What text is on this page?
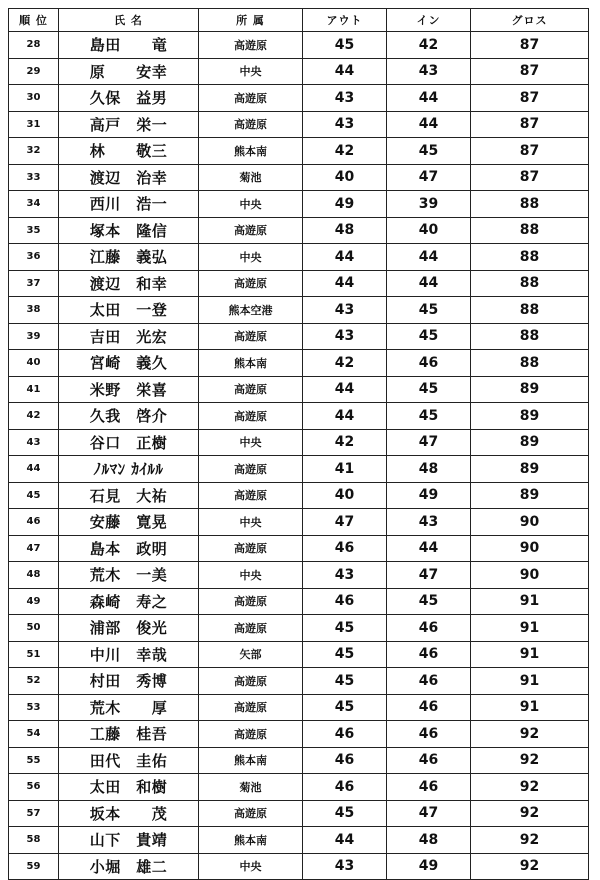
順 位	氏 名	所 属	アウト	イン	グロス
28	島田　　竜	高遊原	45	42	87
29	原　　安幸	中央	44	43	87
30	久保　益男	高遊原	43	44	87
31	高戸　栄一	高遊原	43	44	87
32	林　　敬三	熊本南	42	45	87
33	渡辺　治幸	菊池	40	47	87
34	西川　浩一	中央	49	39	88
35	塚本　隆信	高遊原	48	40	88
36	江藤　義弘	中央	44	44	88
37	渡辺　和幸	高遊原	44	44	88
38	太田　一登	熊本空港	43	45	88
39	吉田　光宏	高遊原	43	45	88
40	宮崎　義久	熊本南	42	46	88
41	米野　栄喜	高遊原	44	45	89
42	久我　啓介	高遊原	44	45	89
43	谷口　正樹	中央	42	47	89
44	ﾉﾙﾏﾝ ｶｲﾙﾙ	高遊原	41	48	89
45	石見　大祐	高遊原	40	49	89
46	安藤　寛晃	中央	47	43	90
47	島本　政明	高遊原	46	44	90
48	荒木　一美	中央	43	47	90
49	森崎　寿之	高遊原	46	45	91
50	浦部　俊光	高遊原	45	46	91
51	中川　幸哉	矢部	45	46	91
52	村田　秀博	高遊原	45	46	91
53	荒木　　厚	高遊原	45	46	91
54	工藤　桂吾	高遊原	46	46	92
55	田代　圭佑	熊本南	46	46	92
56	太田　和樹	菊池	46	46	92
57	坂本　　茂	高遊原	45	47	92
58	山下　貴靖	熊本南	44	48	92
59	小堀　雄二	中央	43	49	92
